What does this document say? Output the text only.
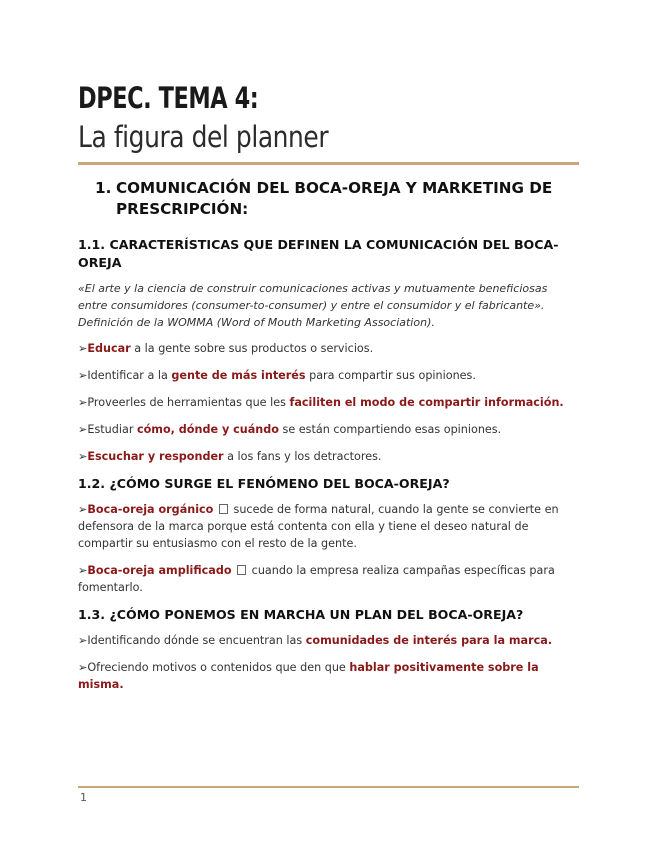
DPEC. TEMA 4:
La figura del planner
1. COMUNICACIÓN DEL BOCA-OREJA Y MARKETING DE PRESCRIPCIÓN:
1.1. CARACTERÍSTICAS QUE DEFINEN LA COMUNICACIÓN DEL BOCA-OREJA
«El arte y la ciencia de construir comunicaciones activas y mutuamente beneficiosas entre consumidores (consumer-to-consumer) y entre el consumidor y el fabricante». Definición de la WOMMA (Word of Mouth Marketing Association).
➢Educar a la gente sobre sus productos o servicios.
➢Identificar a la gente de más interés para compartir sus opiniones.
➢Proveerles de herramientas que les faciliten el modo de compartir información.
➢Estudiar cómo, dónde y cuándo se están compartiendo esas opiniones.
➢Escuchar y responder a los fans y los detractores.
1.2. ¿CÓMO SURGE EL FENÓMENO DEL BOCA-OREJA?
➢Boca-oreja orgánico  sucede de forma natural, cuando la gente se convierte en defensora de la marca porque está contenta con ella y tiene el deseo natural de compartir su entusiasmo con el resto de la gente.
➢Boca-oreja amplificado  cuando la empresa realiza campañas específicas para fomentarlo.
1.3. ¿CÓMO PONEMOS EN MARCHA UN PLAN DEL BOCA-OREJA?
➢Identificando dónde se encuentran las comunidades de interés para la marca.
➢Ofreciendo motivos o contenidos que den que hablar positivamente sobre la misma.
1
